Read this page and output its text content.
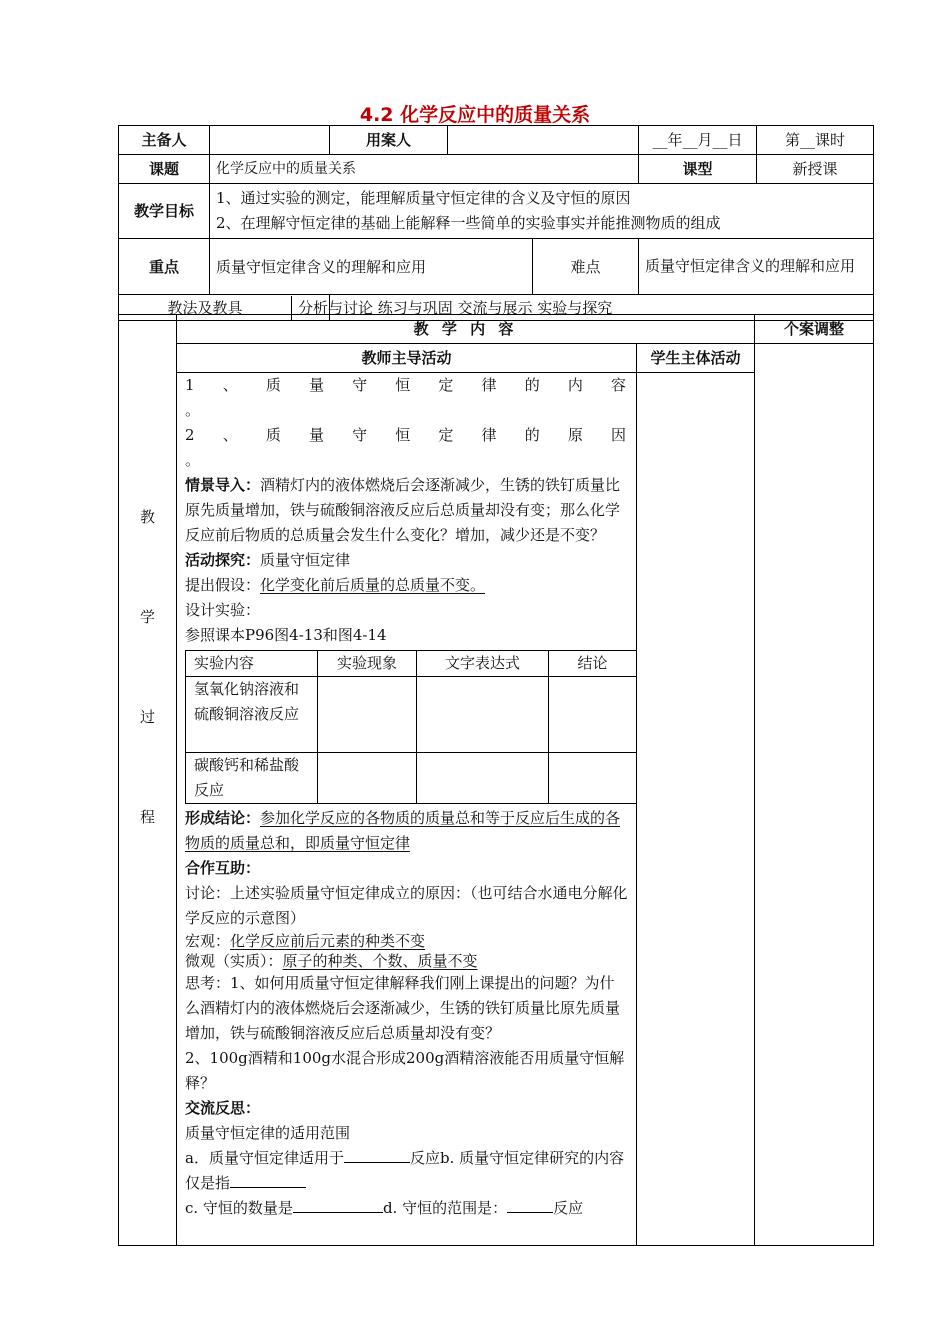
4.2 化学反应中的质量关系
主备人		用案人			__年__月__日	第__课时
课题	化学反应中的质量关系				课型	新授课
教学目标	1、通过实验的测定，能理解质量守恒定律的含义及守恒的原因
2、在理解守恒定律的基础上能解释一些简单的实验事实并能推测物质的组成					

重点	质量守恒定律含义的理解和应用			难点	质量守恒定律含义的理解和应用	

教法及教具 分析与讨论 练习与巩固 交流与展示 实验与探究						

教
学
过
程
	教 学 内 容	个案调整
教师主导活动	学生主体活动	

1、质量守恒定律的内容
。
2、质量守恒定律的原因
。
情景导入：酒精灯内的液体燃烧后会逐渐减少，生锈的铁钉质量比原先质量增加，铁与硫酸铜溶液反应后总质量却没有变；那么化学反应前后物质的总质量会发生什么变化？增加，减少还是不变？
活动探究：质量守恒定律
提出假设：化学变化前后质量的总质量不变。
设计实验：
参照课本P96图4-13和图4-14
实验内容	实验现象	文字表达式	结论
氢氧化钠溶液和硫酸铜溶液反应			
碳酸钙和稀盐酸反应			
形成结论：参加化学反应的各物质的质量总和等于反应后生成的各物质的质量总和，即质量守恒定律
合作互助：
讨论：上述实验质量守恒定律成立的原因：（也可结合水通电分解化学反应的示意图）
宏观：化学反应前后元素的种类不变
微观（实质）：原子的种类、个数、质量不变
思考：1、如何用质量守恒定律解释我们刚上课提出的问题？为什么酒精灯内的液体燃烧后会逐渐减少，生锈的铁钉质量比原先质量增加，铁与硫酸铜溶液反应后总质量却没有变？
2、100g酒精和100g水混合形成200g酒精溶液能否用质量守恒解释？
交流反思：
质量守恒定律的适用范围
a．质量守恒定律适用于	反应b. 质量守恒定律研究的内容仅是指
c. 守恒的数量是	d. 守恒的范围是：	反应
